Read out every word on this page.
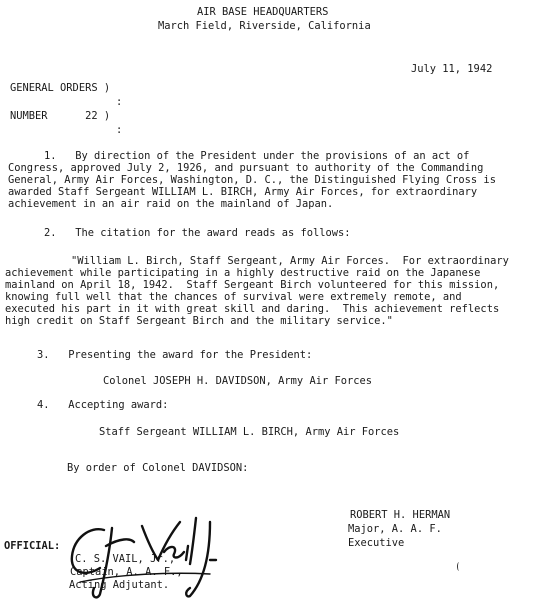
AIR BASE HEADQUARTERS
March Field, Riverside, California
July 11, 1942
GENERAL ORDERS )
:
NUMBER      22 )
:
1.   By direction of the President under the provisions of an act of
Congress, approved July 2, 1926, and pursuant to authority of the Commanding
General, Army Air Forces, Washington, D. C., the Distinguished Flying Cross is
awarded Staff Sergeant WILLIAM L. BIRCH, Army Air Forces, for extraordinary
achievement in an air raid on the mainland of Japan.
2.   The citation for the award reads as follows:
"William L. Birch, Staff Sergeant, Army Air Forces.  For extraordinary
achievement while participating in a highly destructive raid on the Japanese
mainland on April 18, 1942.  Staff Sergeant Birch volunteered for this mission,
knowing full well that the chances of survival were extremely remote, and
executed his part in it with great skill and daring.  This achievement reflects
high credit on Staff Sergeant Birch and the military service."
3.   Presenting the award for the President:
Colonel JOSEPH H. DAVIDSON, Army Air Forces
4.   Accepting award:
Staff Sergeant WILLIAM L. BIRCH, Army Air Forces
By order of Colonel DAVIDSON:
ROBERT H. HERMAN
Major, A. A. F.
Executive
OFFICIAL:
C. S. VAIL, Jr.,
Captain, A. A. F.,
Acting Adjutant.
